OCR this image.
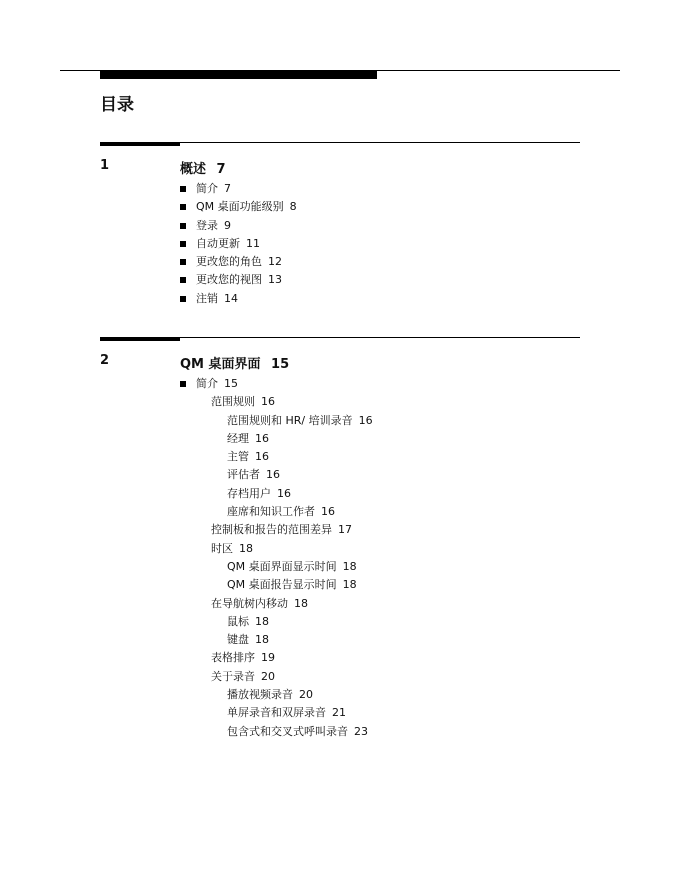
目录
1	概述 7
简介 7
QM 桌面功能级别 8
登录 9
自动更新 11
更改您的角色 12
更改您的视图 13
注销 14
2	QM 桌面界面 15
简介 15
范围规则 16
范围规则和 HR/ 培训录音 16
经理 16
主管 16
评估者 16
存档用户 16
座席和知识工作者 16
控制板和报告的范围差异 17
时区 18
QM 桌面界面显示时间 18
QM 桌面报告显示时间 18
在导航树内移动 18
鼠标 18
键盘 18
表格排序 19
关于录音 20
播放视频录音 20
单屏录音和双屏录音 21
包含式和交叉式呼叫录音 23
